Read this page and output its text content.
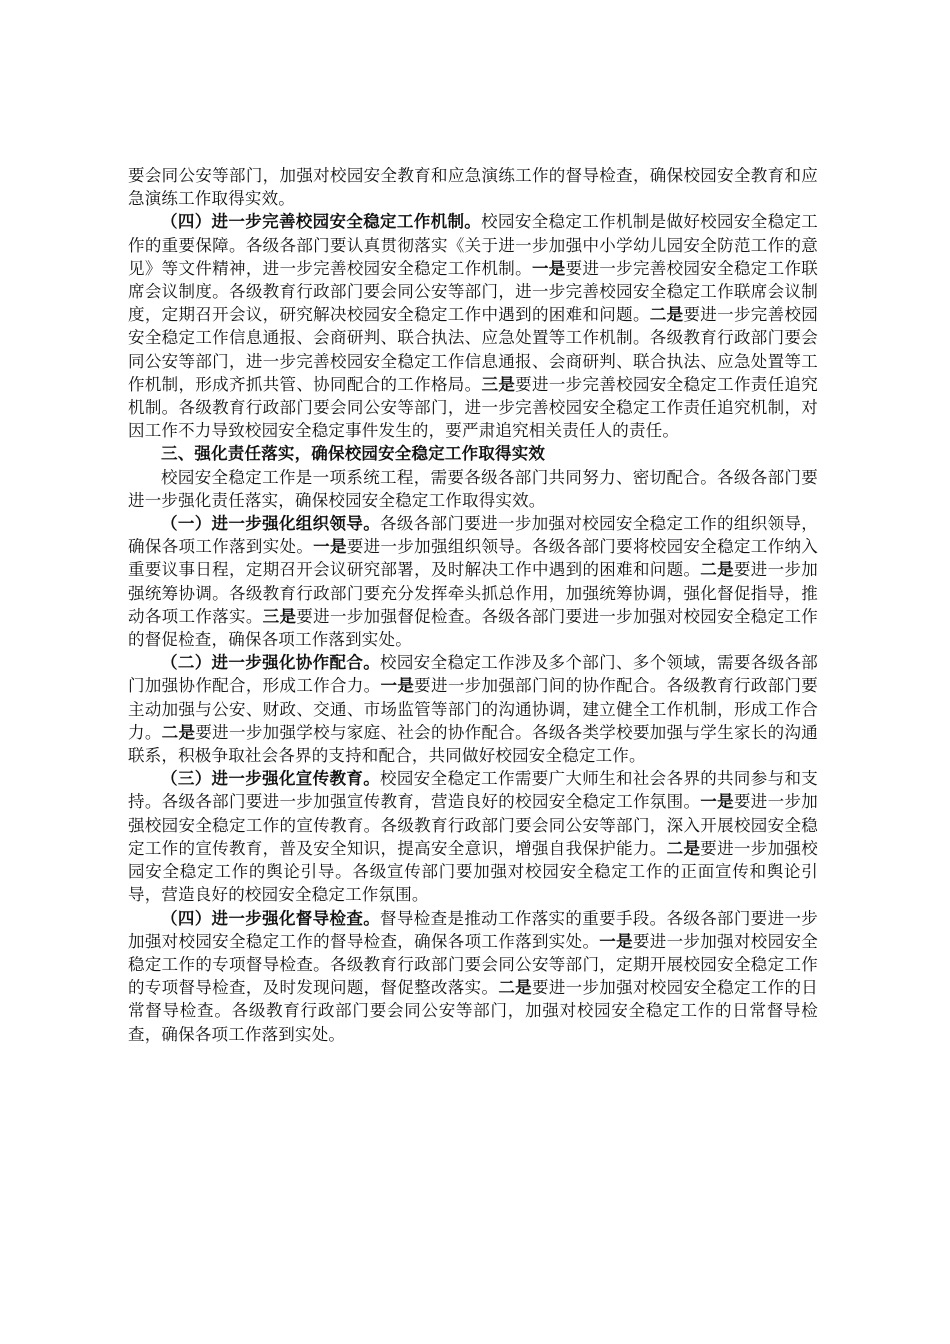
要会同公安等部门，加强对校园安全教育和应急演练工作的督导检查，确保校园安全教育和应急演练工作取得实效。

（四）进一步完善校园安全稳定工作机制。校园安全稳定工作机制是做好校园安全稳定工作的重要保障。各级各部门要认真贯彻落实《关于进一步加强中小学幼儿园安全防范工作的意见》等文件精神，进一步完善校园安全稳定工作机制。一是要进一步完善校园安全稳定工作联席会议制度。各级教育行政部门要会同公安等部门，进一步完善校园安全稳定工作联席会议制度，定期召开会议，研究解决校园安全稳定工作中遇到的困难和问题。二是要进一步完善校园安全稳定工作信息通报、会商研判、联合执法、应急处置等工作机制。各级教育行政部门要会同公安等部门，进一步完善校园安全稳定工作信息通报、会商研判、联合执法、应急处置等工作机制，形成齐抓共管、协同配合的工作格局。三是要进一步完善校园安全稳定工作责任追究机制。各级教育行政部门要会同公安等部门，进一步完善校园安全稳定工作责任追究机制，对因工作不力导致校园安全稳定事件发生的，要严肃追究相关责任人的责任。

三、强化责任落实，确保校园安全稳定工作取得实效

校园安全稳定工作是一项系统工程，需要各级各部门共同努力、密切配合。各级各部门要进一步强化责任落实，确保校园安全稳定工作取得实效。

（一）进一步强化组织领导。各级各部门要进一步加强对校园安全稳定工作的组织领导，确保各项工作落到实处。一是要进一步加强组织领导。各级各部门要将校园安全稳定工作纳入重要议事日程，定期召开会议研究部署，及时解决工作中遇到的困难和问题。二是要进一步加强统筹协调。各级教育行政部门要充分发挥牵头抓总作用，加强统筹协调，强化督促指导，推动各项工作落实。三是要进一步加强督促检查。各级各部门要进一步加强对校园安全稳定工作的督促检查，确保各项工作落到实处。

（二）进一步强化协作配合。校园安全稳定工作涉及多个部门、多个领域，需要各级各部门加强协作配合，形成工作合力。一是要进一步加强部门间的协作配合。各级教育行政部门要主动加强与公安、财政、交通、市场监管等部门的沟通协调，建立健全工作机制，形成工作合力。二是要进一步加强学校与家庭、社会的协作配合。各级各类学校要加强与学生家长的沟通联系，积极争取社会各界的支持和配合，共同做好校园安全稳定工作。

（三）进一步强化宣传教育。校园安全稳定工作需要广大师生和社会各界的共同参与和支持。各级各部门要进一步加强宣传教育，营造良好的校园安全稳定工作氛围。一是要进一步加强校园安全稳定工作的宣传教育。各级教育行政部门要会同公安等部门，深入开展校园安全稳定工作的宣传教育，普及安全知识，提高安全意识，增强自我保护能力。二是要进一步加强校园安全稳定工作的舆论引导。各级宣传部门要加强对校园安全稳定工作的正面宣传和舆论引导，营造良好的校园安全稳定工作氛围。

（四）进一步强化督导检查。督导检查是推动工作落实的重要手段。各级各部门要进一步加强对校园安全稳定工作的督导检查，确保各项工作落到实处。一是要进一步加强对校园安全稳定工作的专项督导检查。各级教育行政部门要会同公安等部门，定期开展校园安全稳定工作的专项督导检查，及时发现问题，督促整改落实。二是要进一步加强对校园安全稳定工作的日常督导检查。各级教育行政部门要会同公安等部门，加强对校园安全稳定工作的日常督导检查，确保各项工作落到实处。
